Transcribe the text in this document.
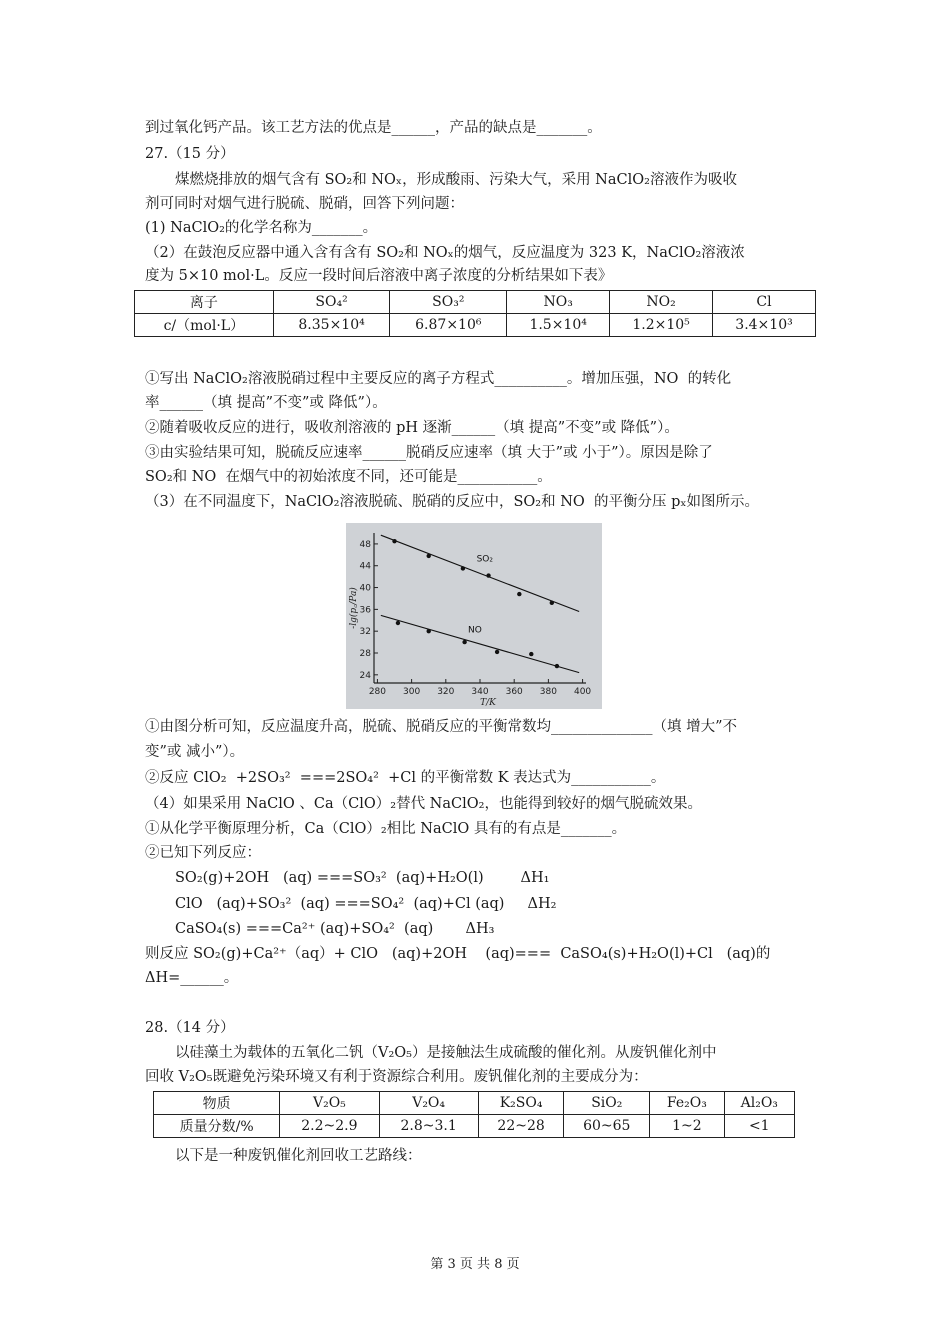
到过氧化钙产品。该工艺方法的优点是______，产品的缺点是_______。
27.（15 分）
煤燃烧排放的烟气含有 SO₂和 NOₓ，形成酸雨、污染大气，采用 NaClO₂溶液作为吸收
剂可同时对烟气进行脱硫、脱硝，回答下列问题：
(1) NaClO₂的化学名称为_______。
（2）在鼓泡反应器中通入含有含有 SO₂和 NOₓ的烟气，反应温度为 323 K，NaClO₂溶液浓
度为 5×10 mol·L。反应一段时间后溶液中离子浓度的分析结果如下表》
离子	SO₄²	SO₃²	NO₃	NO₂	Cl
c/（mol·L）	8.35×10⁴	6.87×10⁶	1.5×10⁴	1.2×10⁵	3.4×10³
①写出 NaClO₂溶液脱硝过程中主要反应的离子方程式__________。增加压强，NO  的转化
率______（填 提高”不变”或 降低”）。
②随着吸收反应的进行，吸收剂溶液的 pH 逐渐______（填 提高”不变”或 降低”）。
③由实验结果可知，脱硫反应速率______脱硝反应速率（填 大于”或 小于”）。原因是除了
SO₂和 NO  在烟气中的初始浓度不同，还可能是___________。
（3）在不同温度下，NaClO₂溶液脱硫、脱硝的反应中，SO₂和 NO  的平衡分压 pₓ如图所示。
280 300 320 340 360 380 400
48
44
40
36
32
28
24
T/K
-lg(p꜀/Pa)
SO₂
NO
①由图分析可知，反应温度升高，脱硫、脱硝反应的平衡常数均______________（填 增大”不
变”或 减小”）。
②反应 ClO₂  +2SO₃²  ===2SO₄²  +Cl 的平衡常数 K 表达式为___________。
（4）如果采用 NaClO 、Ca（ClO）₂替代 NaClO₂，也能得到较好的烟气脱硫效果。
①从化学平衡原理分析，Ca（ClO）₂相比 NaClO 具有的有点是_______。
②已知下列反应：
SO₂(g)+2OH   (aq) ===SO₃²  (aq)+H₂O(l)        ΔH₁
ClO   (aq)+SO₃²  (aq) ===SO₄²  (aq)+Cl (aq)     ΔH₂
CaSO₄(s) ===Ca²⁺ (aq)+SO₄²  (aq)       ΔH₃
则反应 SO₂(g)+Ca²⁺（aq）+ ClO   (aq)+2OH    (aq)===  CaSO₄(s)+H₂O(l)+Cl   (aq)的
ΔH=______。
28.（14 分）
以硅藻土为载体的五氧化二钒（V₂O₅）是接触法生成硫酸的催化剂。从废钒催化剂中
回收 V₂O₅既避免污染环境又有利于资源综合利用。废钒催化剂的主要成分为：
物质	V₂O₅	V₂O₄	K₂SO₄	SiO₂	Fe₂O₃	Al₂O₃
质量分数/%	2.2~2.9	2.8~3.1	22~28	60~65	1~2	<1
以下是一种废钒催化剂回收工艺路线：
第 3 页 共 8 页
